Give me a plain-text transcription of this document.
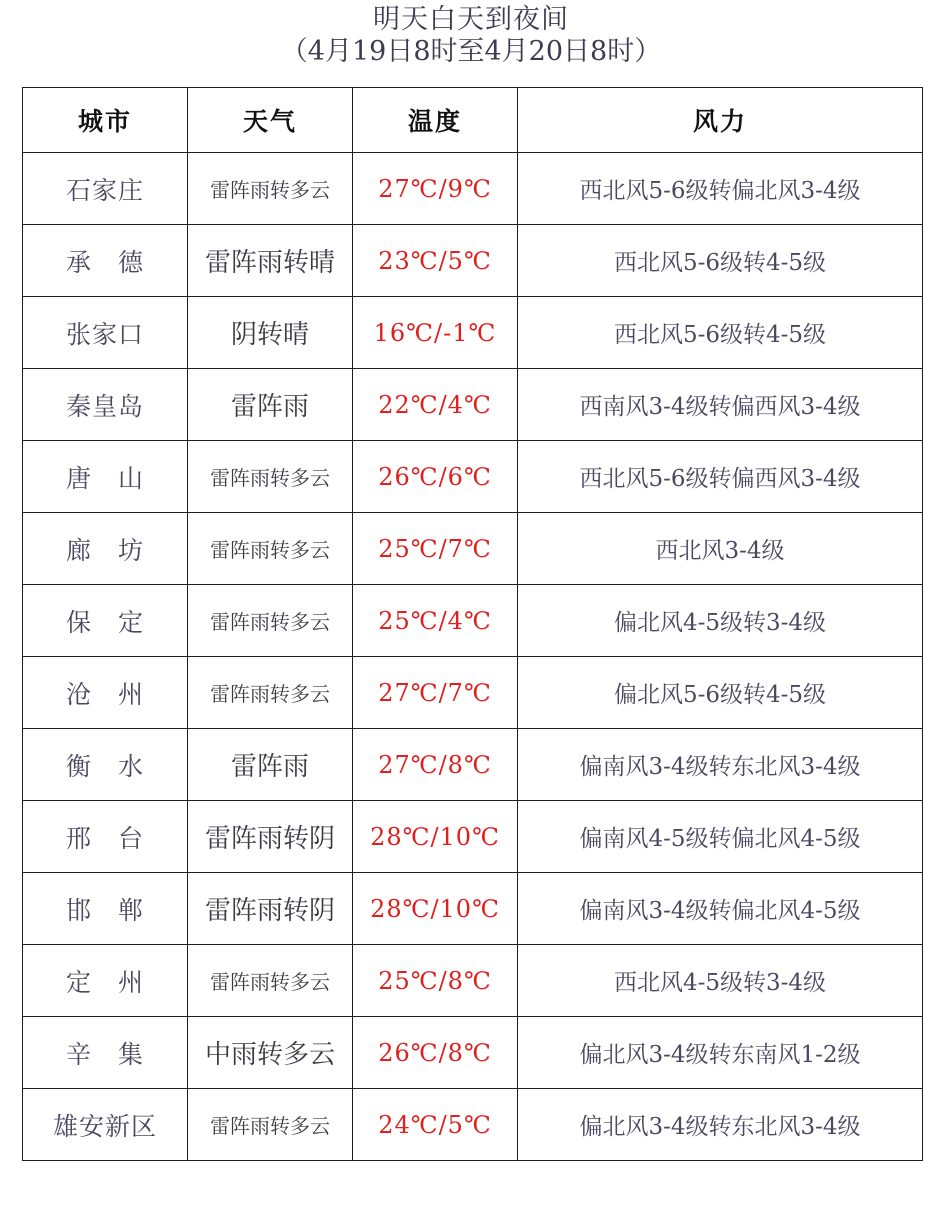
明天白天到夜间
（4月19日8时至4月20日8时）
城市	天气	温度	风力
石家庄	雷阵雨转多云	27℃/9℃	西北风5-6级转偏北风3-4级
承　德	雷阵雨转晴	23℃/5℃	西北风5-6级转4-5级
张家口	阴转晴	16℃/-1℃	西北风5-6级转4-5级
秦皇岛	雷阵雨	22℃/4℃	西南风3-4级转偏西风3-4级
唐　山	雷阵雨转多云	26℃/6℃	西北风5-6级转偏西风3-4级
廊　坊	雷阵雨转多云	25℃/7℃	西北风3-4级
保　定	雷阵雨转多云	25℃/4℃	偏北风4-5级转3-4级
沧　州	雷阵雨转多云	27℃/7℃	偏北风5-6级转4-5级
衡　水	雷阵雨	27℃/8℃	偏南风3-4级转东北风3-4级
邢　台	雷阵雨转阴	28℃/10℃	偏南风4-5级转偏北风4-5级
邯　郸	雷阵雨转阴	28℃/10℃	偏南风3-4级转偏北风4-5级
定　州	雷阵雨转多云	25℃/8℃	西北风4-5级转3-4级
辛　集	中雨转多云	26℃/8℃	偏北风3-4级转东南风1-2级
雄安新区	雷阵雨转多云	24℃/5℃	偏北风3-4级转东北风3-4级
